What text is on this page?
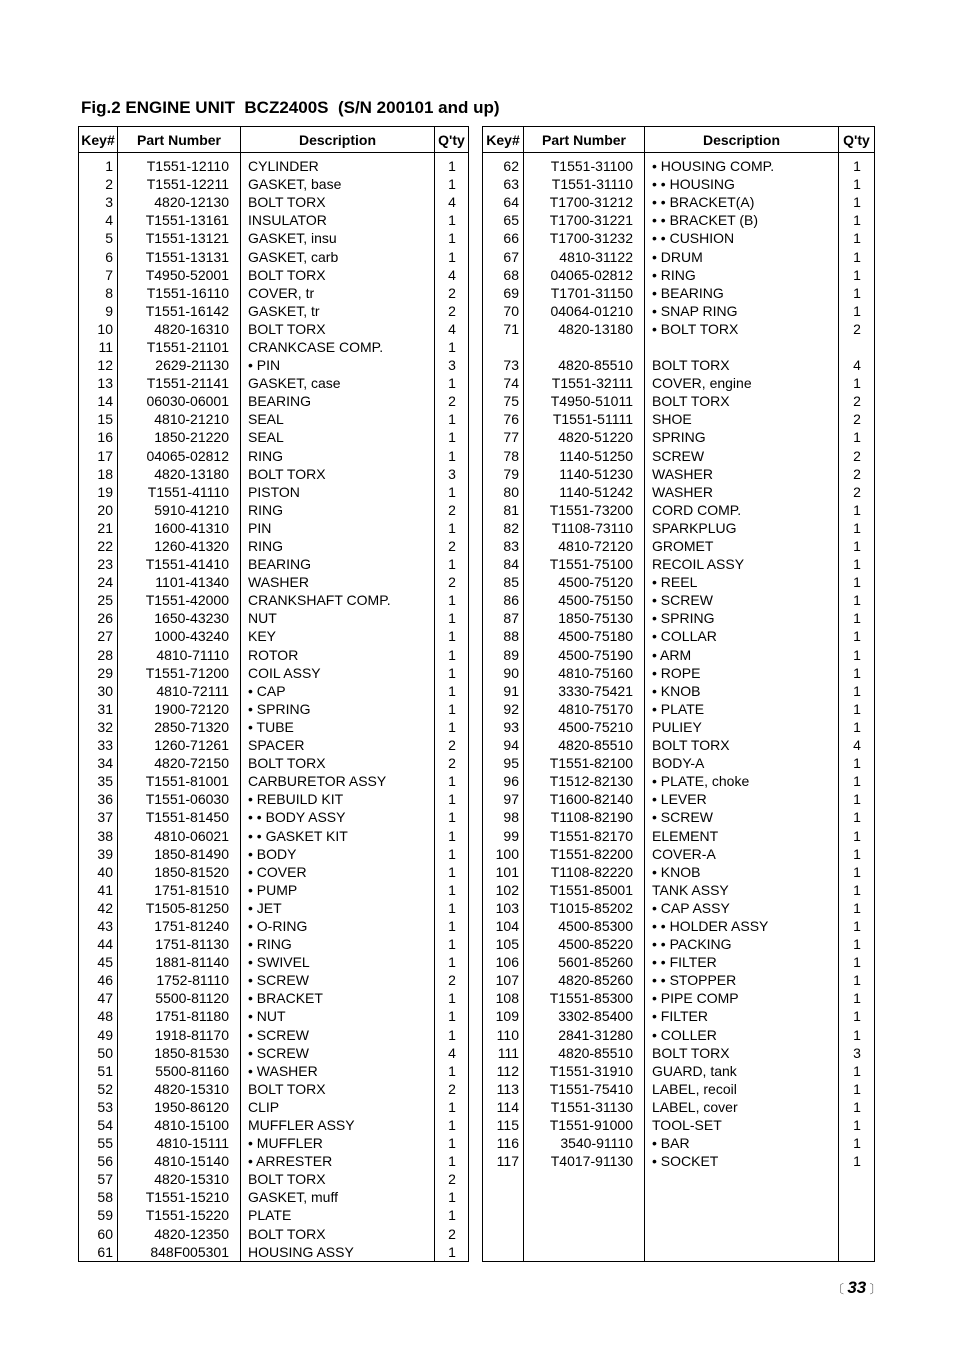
Fig.2 ENGINE UNIT  BCZ2400S  (S/N 200101 and up)
Key#	Part Number	Description	Q'ty
1	T1551-12110	CYLINDER	1
2	T1551-12211	GASKET, base	1
3	4820-12130	BOLT TORX	4
4	T1551-13161	INSULATOR	1
5	T1551-13121	GASKET, insu	1
6	T1551-13131	GASKET, carb	1
7	T4950-52001	BOLT TORX	4
8	T1551-16110	COVER, tr	2
9	T1551-16142	GASKET, tr	2
10	4820-16310	BOLT TORX	4
11	T1551-21101	CRANKCASE COMP.	1
12	2629-21130	• PIN	3
13	T1551-21141	GASKET, case	1
14	06030-06001	BEARING	2
15	4810-21210	SEAL	1
16	1850-21220	SEAL	1
17	04065-02812	RING	1
18	4820-13180	BOLT TORX	3
19	T1551-41110	PISTON	1
20	5910-41210	RING	2
21	1600-41310	PIN	1
22	1260-41320	RING	2
23	T1551-41410	BEARING	1
24	1101-41340	WASHER	2
25	T1551-42000	CRANKSHAFT COMP.	1
26	1650-43230	NUT	1
27	1000-43240	KEY	1
28	4810-71110	ROTOR	1
29	T1551-71200	COIL ASSY	1
30	4810-72111	• CAP	1
31	1900-72120	• SPRING	1
32	2850-71320	• TUBE	1
33	1260-71261	SPACER	2
34	4820-72150	BOLT TORX	2
35	T1551-81001	CARBURETOR ASSY	1
36	T1551-06030	• REBUILD KIT	1
37	T1551-81450	• • BODY ASSY	1
38	4810-06021	• • GASKET KIT	1
39	1850-81490	• BODY	1
40	1850-81520	• COVER	1
41	1751-81510	• PUMP	1
42	T1505-81250	• JET	1
43	1751-81240	• O-RING	1
44	1751-81130	• RING	1
45	1881-81140	• SWIVEL	1
46	1752-81110	• SCREW	2
47	5500-81120	• BRACKET	1
48	1751-81180	• NUT	1
49	1918-81170	• SCREW	1
50	1850-81530	• SCREW	4
51	5500-81160	• WASHER	1
52	4820-15310	BOLT TORX	2
53	1950-86120	CLIP	1
54	4810-15100	MUFFLER ASSY	1
55	4810-15111	• MUFFLER	1
56	4810-15140	• ARRESTER	1
57	4820-15310	BOLT TORX	2
58	T1551-15210	GASKET, muff	1
59	T1551-15220	PLATE	1
60	4820-12350	BOLT TORX	2
61	848F005301	HOUSING ASSY	1
Key#	Part Number	Description	Q'ty
62	T1551-31100	• HOUSING COMP.	1
63	T1551-31110	• • HOUSING	1
64	T1700-31212	• • BRACKET(A)	1
65	T1700-31221	• • BRACKET (B)	1
66	T1700-31232	• • CUSHION	1
67	4810-31122	• DRUM	1
68	04065-02812	• RING	1
69	T1701-31150	• BEARING	1
70	04064-01210	• SNAP RING	1
71	4820-13180	• BOLT TORX	2

73	4820-85510	BOLT TORX	4
74	T1551-32111	COVER, engine	1
75	T4950-51011	BOLT TORX	2
76	T1551-51111	SHOE	2
77	4820-51220	SPRING	1
78	1140-51250	SCREW	2
79	1140-51230	WASHER	2
80	1140-51242	WASHER	2
81	T1551-73200	CORD COMP.	1
82	T1108-73110	SPARKPLUG	1
83	4810-72120	GROMET	1
84	T1551-75100	RECOIL ASSY	1
85	4500-75120	• REEL	1
86	4500-75150	• SCREW	1
87	1850-75130	• SPRING	1
88	4500-75180	• COLLAR	1
89	4500-75190	• ARM	1
90	4810-75160	• ROPE	1
91	3330-75421	• KNOB	1
92	4810-75170	• PLATE	1
93	4500-75210	PULIEY	1
94	4820-85510	BOLT TORX	4
95	T1551-82100	BODY-A	1
96	T1512-82130	• PLATE, choke	1
97	T1600-82140	• LEVER	1
98	T1108-82190	• SCREW	1
99	T1551-82170	ELEMENT	1
100	T1551-82200	COVER-A	1
101	T1108-82220	• KNOB	1
102	T1551-85001	TANK ASSY	1
103	T1015-85202	• CAP ASSY	1
104	4500-85300	• • HOLDER ASSY	1
105	4500-85220	• • PACKING	1
106	5601-85260	• • FILTER	1
107	4820-85260	• • STOPPER	1
108	T1551-85300	• PIPE COMP	1
109	3302-85400	• FILTER	1
110	2841-31280	• COLLER	1
111	4820-85510	BOLT TORX	3
112	T1551-31910	GUARD, tank	1
113	T1551-75410	LABEL, recoil	1
114	T1551-31130	LABEL, cover	1
115	T1551-91000	TOOL-SET	1
116	3540-91110	• BAR	1
117	T4017-91130	• SOCKET	1

〔 33 〕
